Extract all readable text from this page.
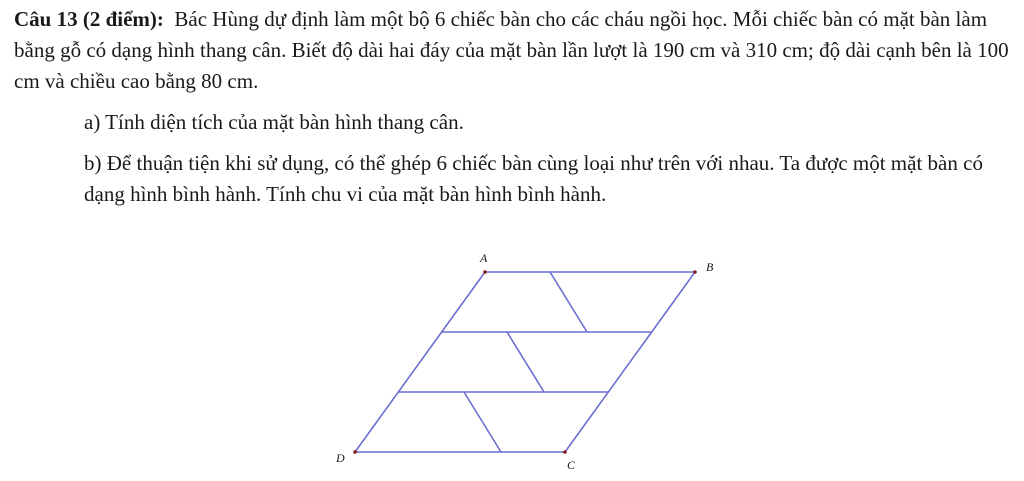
Câu 13 (2 điểm): Bác Hùng dự định làm một bộ 6 chiếc bàn cho các cháu ngồi học. Mỗi chiếc bàn có mặt bàn làm bằng gỗ có dạng hình thang cân. Biết độ dài hai đáy của mặt bàn lần lượt là 190 cm và 310 cm; độ dài cạnh bên là 100 cm và chiều cao bằng 80 cm.

a) Tính diện tích của mặt bàn hình thang cân.

b) Để thuận tiện khi sử dụng, có thể ghép 6 chiếc bàn cùng loại như trên với nhau. Ta được một mặt bàn có dạng hình bình hành. Tính chu vi của mặt bàn hình bình hành.

A
B
C
D
